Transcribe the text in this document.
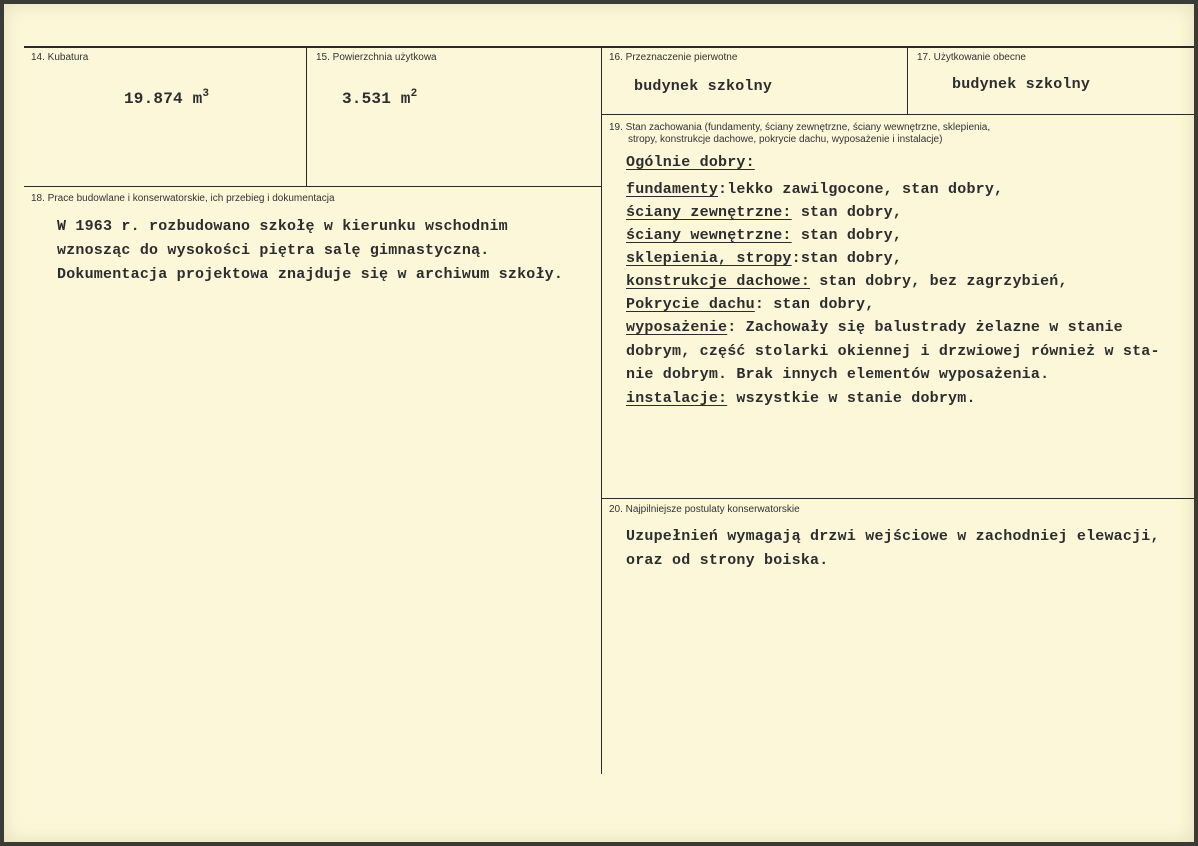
14. Kubatura
19.874 $m^3$
15. Powierzchnia użytkowa
3.531 $m^2$
16. Przeznaczenie pierwotne
budynek szkolny
17. Użytkowanie obecne
budynek szkolny
18. Prace budowlane i konserwatorskie, ich przebieg i dokumentacja
W 1963 r. rozbudowano szkołę w kierunku wschodnim
wznosząc do wysokości piętra salę gimnastyczną.
Dokumentacja projektowa znajduje się w archiwum szkoły.
19. Stan zachowania (fundamenty, ściany zewnętrzne, ściany wewnętrzne, sklepienia,
stropy, konstrukcje dachowe, pokrycie dachu, wyposażenie i instalacje)
Ogólnie dobry:
fundamenty:lekko zawilgocone, stan dobry,
ściany zewnętrzne: stan dobry,
ściany wewnętrzne: stan dobry,
sklepienia, stropy:stan dobry,
konstrukcje dachowe: stan dobry, bez zagrzybień,
Pokrycie dachu: stan dobry,
wyposażenie: Zachowały się balustrady żelazne w stanie
dobrym, część stolarki okiennej i drzwiowej również w sta-
nie dobrym. Brak innych elementów wyposażenia.
instalacje: wszystkie w stanie dobrym.
20. Najpilniejsze postulaty konserwatorskie
Uzupełnień wymagają drzwi wejściowe w zachodniej elewacji,
oraz od strony boiska.
